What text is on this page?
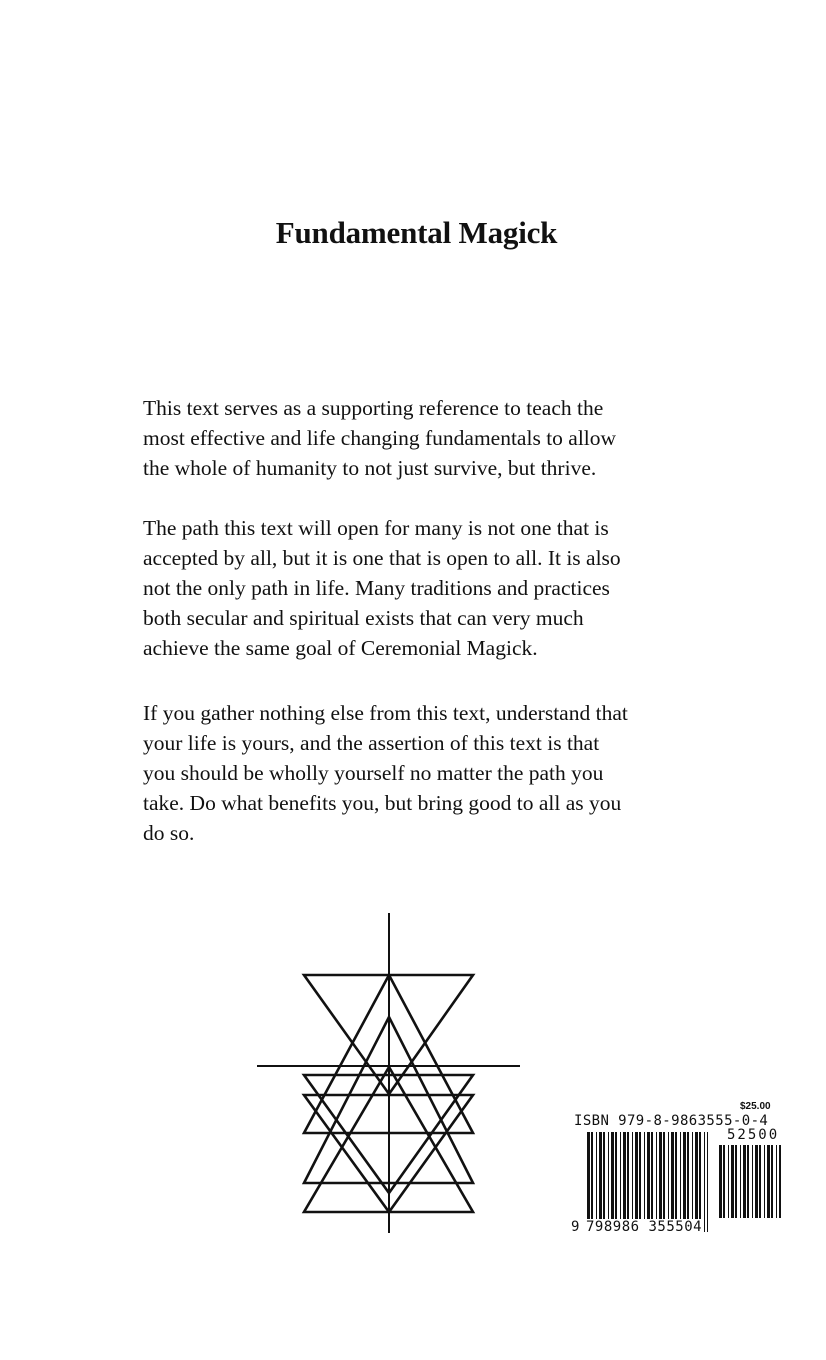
Fundamental Magick
This text serves as a supporting reference to teach the
most effective and life changing fundamentals to allow
the whole of humanity to not just survive, but thrive.
The path this text will open for many is not one that is
accepted by all, but it is one that is open to all. It is also
not the only path in life. Many traditions and practices
both secular and spiritual exists that can very much
achieve the same goal of Ceremonial Magick.
If you gather nothing else from this text, understand that
your life is yours, and the assertion of this text is that
you should be wholly yourself no matter the path you
take. Do what benefits you, but bring good to all as you
do so.
$25.00
ISBN 979-8-9863555-0-4
52500
9 798986 355504
